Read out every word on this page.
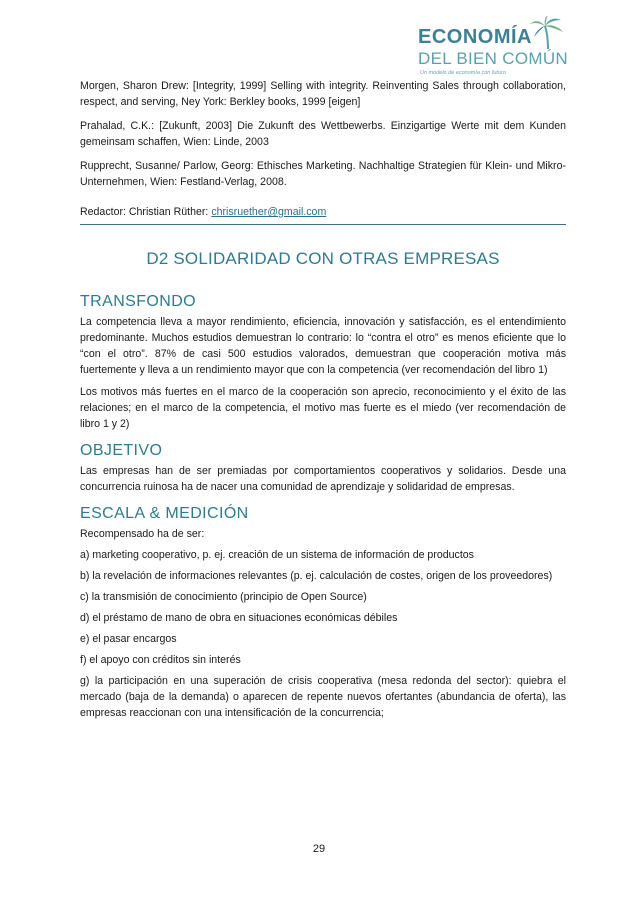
ECONOMÍA
DEL BIEN COMÚN
Un modelo de economía con futuro

Morgen, Sharon Drew: [Integrity, 1999] Selling with integrity. Reinventing Sales through collaboration, respect, and serving, Ney York: Berkley books, 1999 [eigen]

Prahalad, C.K.: [Zukunft, 2003] Die Zukunft des Wettbewerbs. Einzigartige Werte mit dem Kunden gemeinsam schaffen, Wien: Linde, 2003

Rupprecht, Susanne/ Parlow, Georg: Ethisches Marketing. Nachhaltige Strategien für Klein- und Mikro-Unternehmen, Wien: Festland-Verlag, 2008.

Redactor: Christian Rüther: chrisruether@gmail.com

D2 SOLIDARIDAD CON OTRAS EMPRESAS
TRANSFONDO

La competencia lleva a mayor rendimiento, eficiencia, innovación y satisfacción, es el entendimiento predominante. Muchos estudios demuestran lo contrario: lo “contra el otro” es menos eficiente que lo “con el otro”. 87% de casi 500 estudios valorados, demuestran que cooperación motiva más fuertemente y lleva a un rendimiento mayor que con la competencia (ver recomendación del libro 1)

Los motivos más fuertes en el marco de la cooperación son aprecio, reconocimiento y el éxito de las relaciones; en el marco de la competencia, el motivo mas fuerte es el miedo (ver recomendación de libro 1 y 2)

OBJETIVO

Las empresas han de ser premiadas por comportamientos cooperativos y solidarios. Desde una concurrencia ruinosa ha de nacer una comunidad de aprendizaje y solidaridad de empresas.

ESCALA & MEDICIÓN

Recompensado ha de ser:

a) marketing cooperativo, p. ej. creación de un sistema de información de productos

b) la revelación de informaciones relevantes (p. ej. calculación de costes, origen de los proveedores)

c) la transmisión de conocimiento (principio de Open Source)

d) el préstamo de mano de obra en situaciones económicas débiles

e) el pasar encargos

f) el apoyo con créditos sin interés

g) la participación en una superación de crisis cooperativa (mesa redonda del sector): quiebra el mercado (baja de la demanda) o aparecen de repente nuevos ofertantes (abundancia de oferta), las empresas reaccionan con una intensificación de la concurrencia;

29
